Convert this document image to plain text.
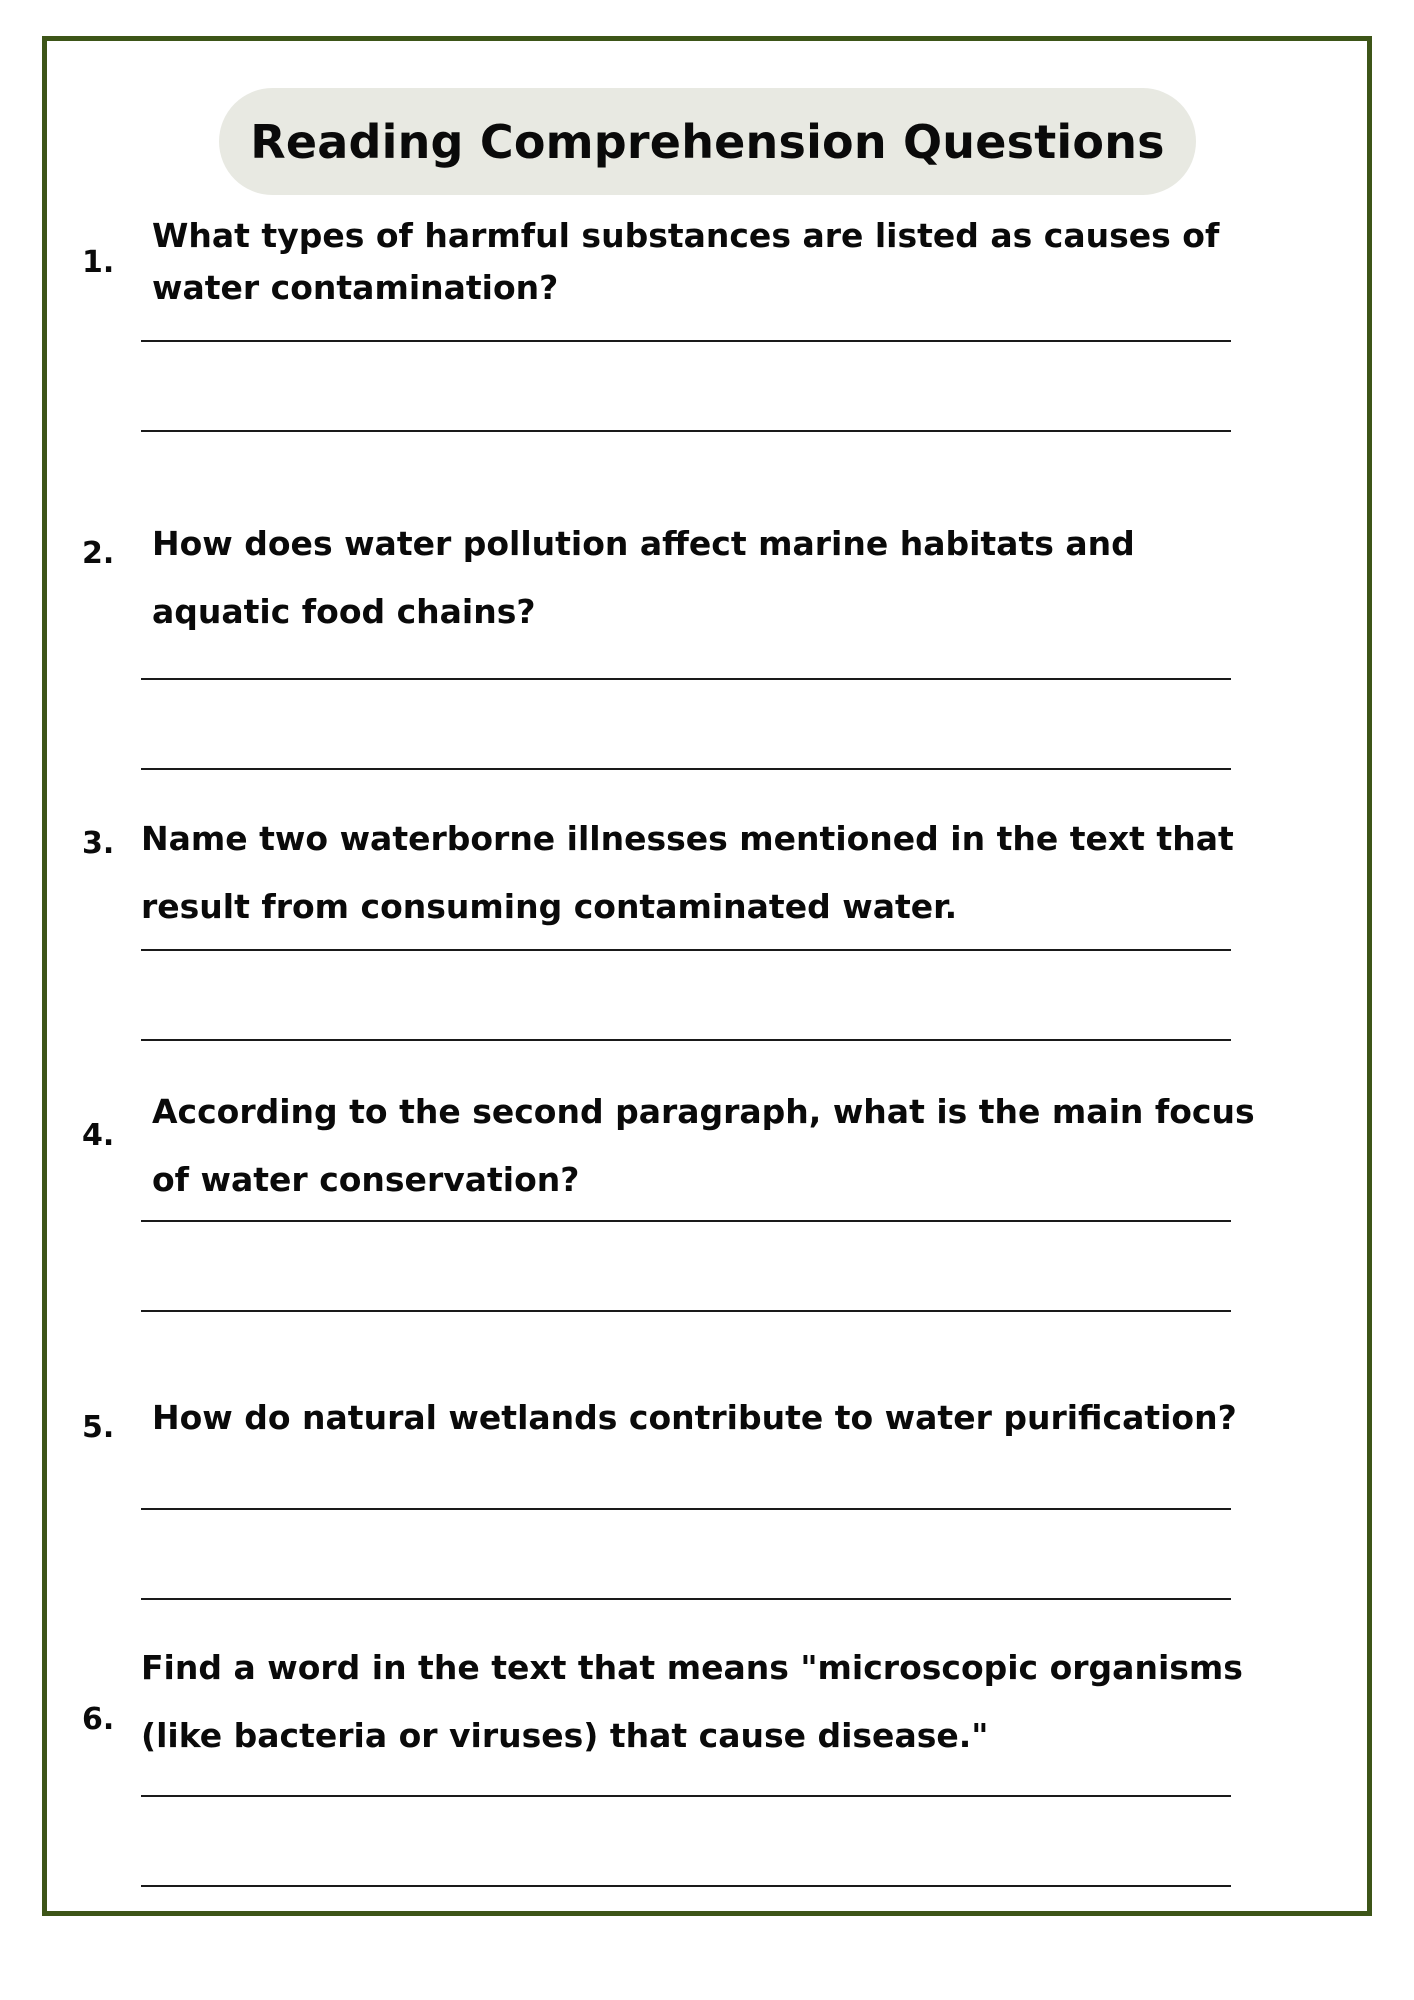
Reading Comprehension Questions
1.
What types of harmful substances are listed as causes of
water contamination?
2. How does water pollution affect marine habitats and
aquatic food chains?
3. Name two waterborne illnesses mentioned in the text that
result from consuming contaminated water.
4.
According to the second paragraph, what is the main focus
of water conservation?
5. How do natural wetlands contribute to water purification?
6.
Find a word in the text that means "microscopic organisms
(like bacteria or viruses) that cause disease."
